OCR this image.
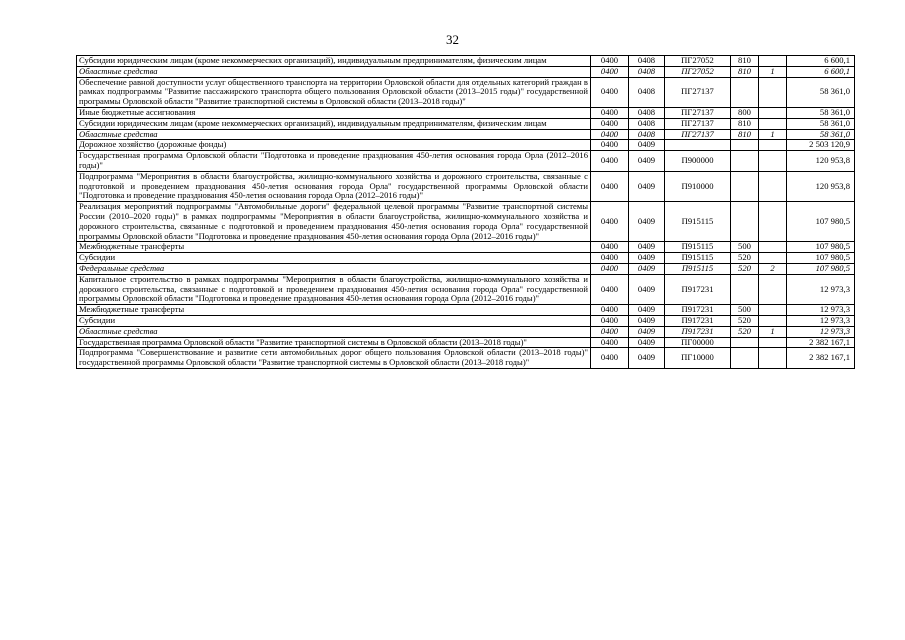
32
Субсидии юридическим лицам (кроме некоммерческих организаций), индивидуальным предпринимателям, физическим лицам	0400	0408	ПГ27052	810		6 600,1
Областные средства	0400	0408	ПГ27052	810	1	6 600,1
Обеспечение равной доступности услуг общественного транспорта на территории Орловской области для отдельных категорий граждан в рамках подпрограммы "Развитие пассажирского транспорта общего пользования Орловской области (2013–2015 годы)" государственной программы Орловской области "Развитие транспортной системы в Орловской области (2013–2018 годы)"	0400	0408	ПГ27137			58 361,0
Иные бюджетные ассигнования	0400	0408	ПГ27137	800		58 361,0
Субсидии юридическим лицам (кроме некоммерческих организаций), индивидуальным предпринимателям, физическим лицам	0400	0408	ПГ27137	810		58 361,0
Областные средства	0400	0408	ПГ27137	810	1	58 361,0
Дорожное хозяйство (дорожные фонды)	0400	0409				2 503 120,9
Государственная программа Орловской области "Подготовка и проведение празднования 450-летия основания города Орла (2012–2016 годы)"	0400	0409	П900000			120 953,8
Подпрограмма "Мероприятия в области благоустройства, жилищно-коммунального хозяйства и дорожного строительства, связанные с подготовкой и проведением празднования 450-летия основания города Орла" государственной программы Орловской области "Подготовка и проведение празднования 450-летия основания города Орла (2012–2016 годы)"	0400	0409	П910000			120 953,8
Реализация мероприятий подпрограммы "Автомобильные дороги" федеральной целевой программы "Развитие транспортной системы России (2010–2020 годы)" в рамках подпрограммы "Мероприятия в области благоустройства, жилищно-коммунального хозяйства и дорожного строительства, связанные с подготовкой и проведением празднования 450-летия основания города Орла" государственной программы Орловской области "Подготовка и проведение празднования 450-летия основания города Орла (2012–2016 годы)"	0400	0409	П915115			107 980,5
Межбюджетные трансферты	0400	0409	П915115	500		107 980,5
Субсидии	0400	0409	П915115	520		107 980,5
Федеральные средства	0400	0409	П915115	520	2	107 980,5
Капитальное строительство в рамках подпрограммы "Мероприятия в области благоустройства, жилищно-коммунального хозяйства и дорожного строительства, связанные с подготовкой и проведением празднования 450-летия основания города Орла" государственной программы Орловской области "Подготовка и проведение празднования 450-летия основания города Орла (2012–2016 годы)"	0400	0409	П917231			12 973,3
Межбюджетные трансферты	0400	0409	П917231	500		12 973,3
Субсидии	0400	0409	П917231	520		12 973,3
Областные средства	0400	0409	П917231	520	1	12 973,3
Государственная программа Орловской области "Развитие транспортной системы в Орловской области (2013–2018 годы)"	0400	0409	ПГ00000			2 382 167,1
Подпрограмма "Совершенствование и развитие сети автомобильных дорог общего пользования Орловской области (2013–2018 годы)" государственной программы Орловской области "Развитие транспортной системы в Орловской области (2013–2018 годы)"	0400	0409	ПГ10000			2 382 167,1
